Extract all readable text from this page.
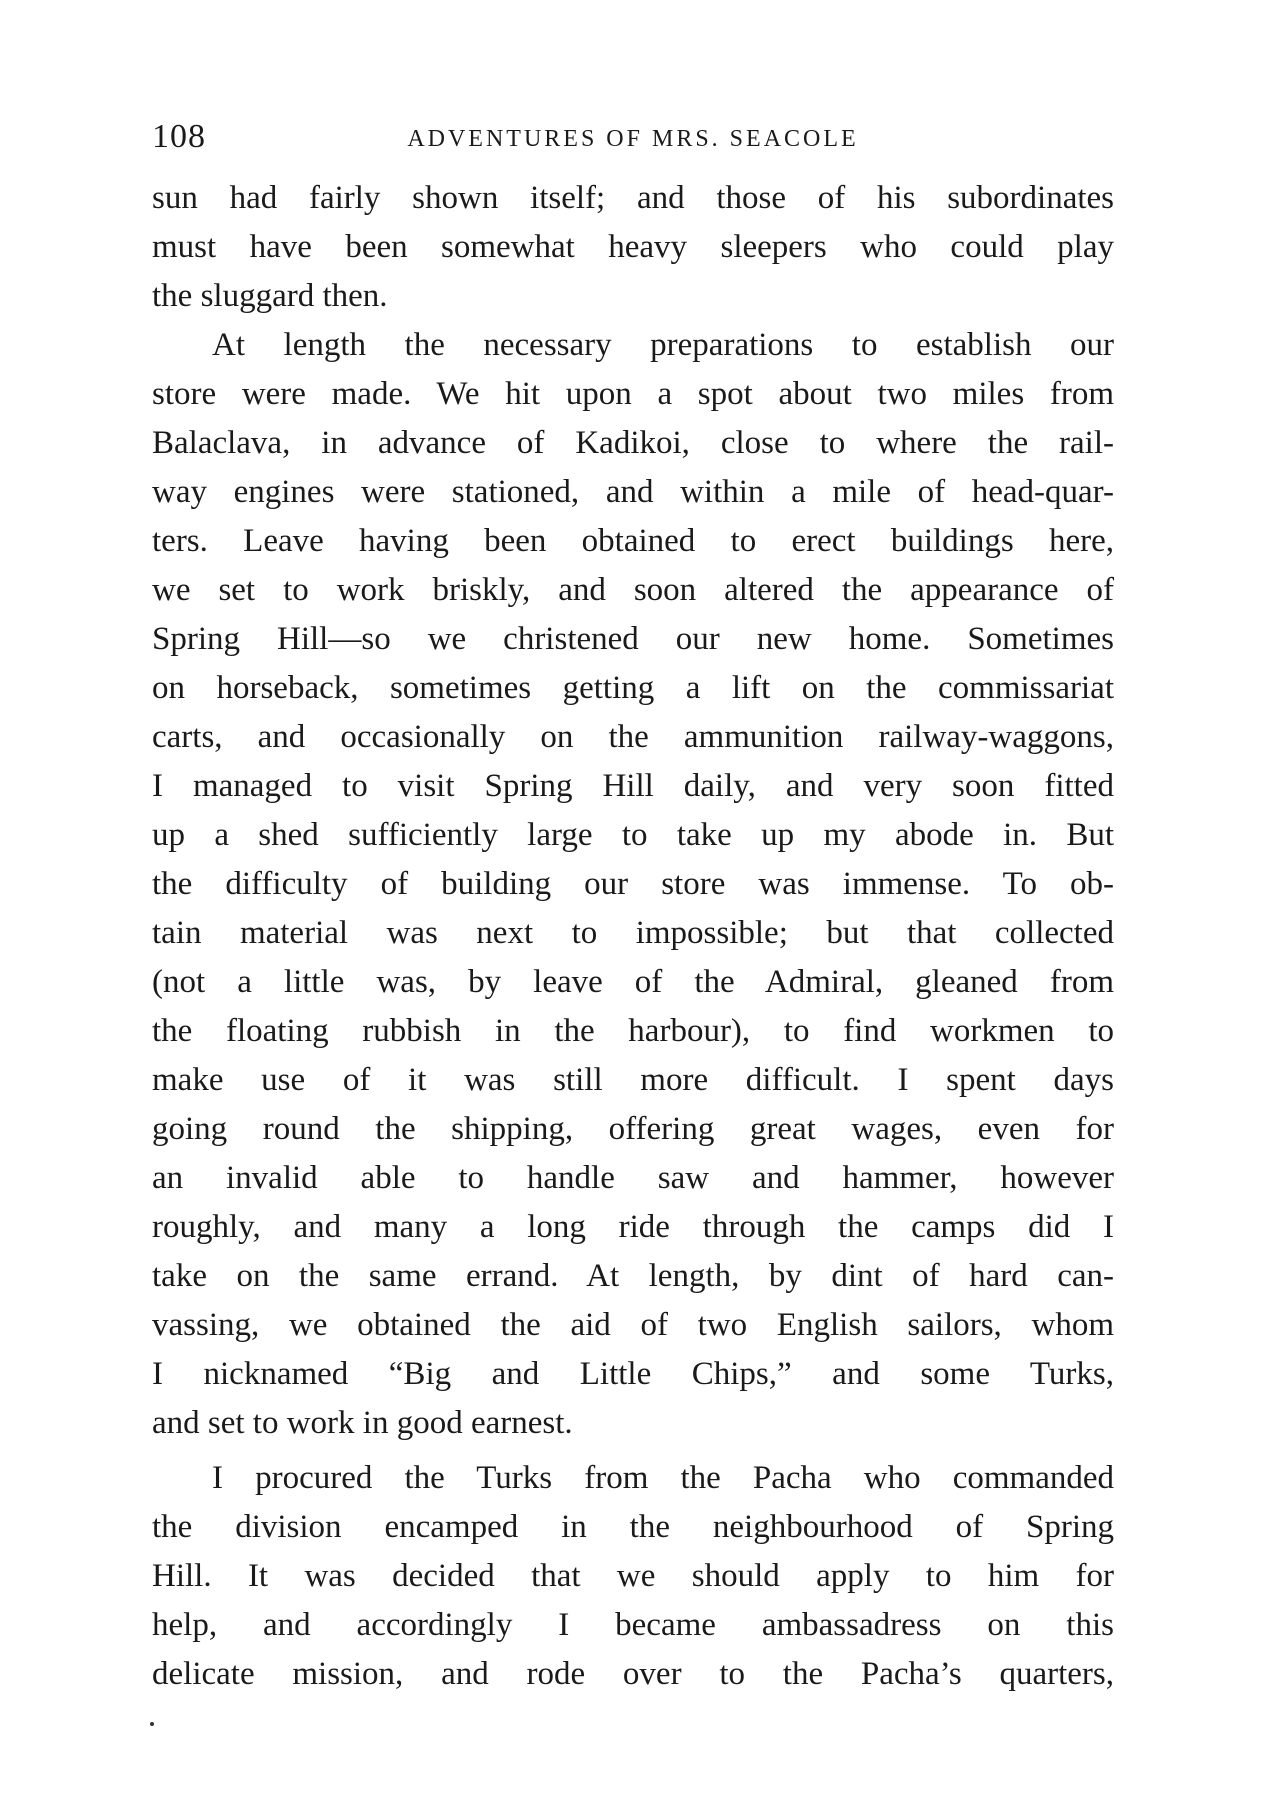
108	ADVENTURES OF MRS. SEACOLE
sun had fairly shown itself; and those of his subordinates
must have been somewhat heavy sleepers who could play
the sluggard then.
At length the necessary preparations to establish our
store were made. We hit upon a spot about two miles from
Balaclava, in advance of Kadikoi, close to where the rail-
way engines were stationed, and within a mile of head-quar-
ters. Leave having been obtained to erect buildings here,
we set to work briskly, and soon altered the appearance of
Spring Hill—so we christened our new home. Sometimes
on horseback, sometimes getting a lift on the commissariat
carts, and occasionally on the ammunition railway-waggons,
I managed to visit Spring Hill daily, and very soon fitted
up a shed sufficiently large to take up my abode in. But
the difficulty of building our store was immense. To ob-
tain material was next to impossible; but that collected
(not a little was, by leave of the Admiral, gleaned from
the floating rubbish in the harbour), to find workmen to
make use of it was still more difficult. I spent days
going round the shipping, offering great wages, even for
an invalid able to handle saw and hammer, however
roughly, and many a long ride through the camps did I
take on the same errand. At length, by dint of hard can-
vassing, we obtained the aid of two English sailors, whom
I nicknamed “Big and Little Chips,” and some Turks,
and set to work in good earnest.
I procured the Turks from the Pacha who commanded
the division encamped in the neighbourhood of Spring
Hill. It was decided that we should apply to him for
help, and accordingly I became ambassadress on this
delicate mission, and rode over to the Pacha’s quarters,
